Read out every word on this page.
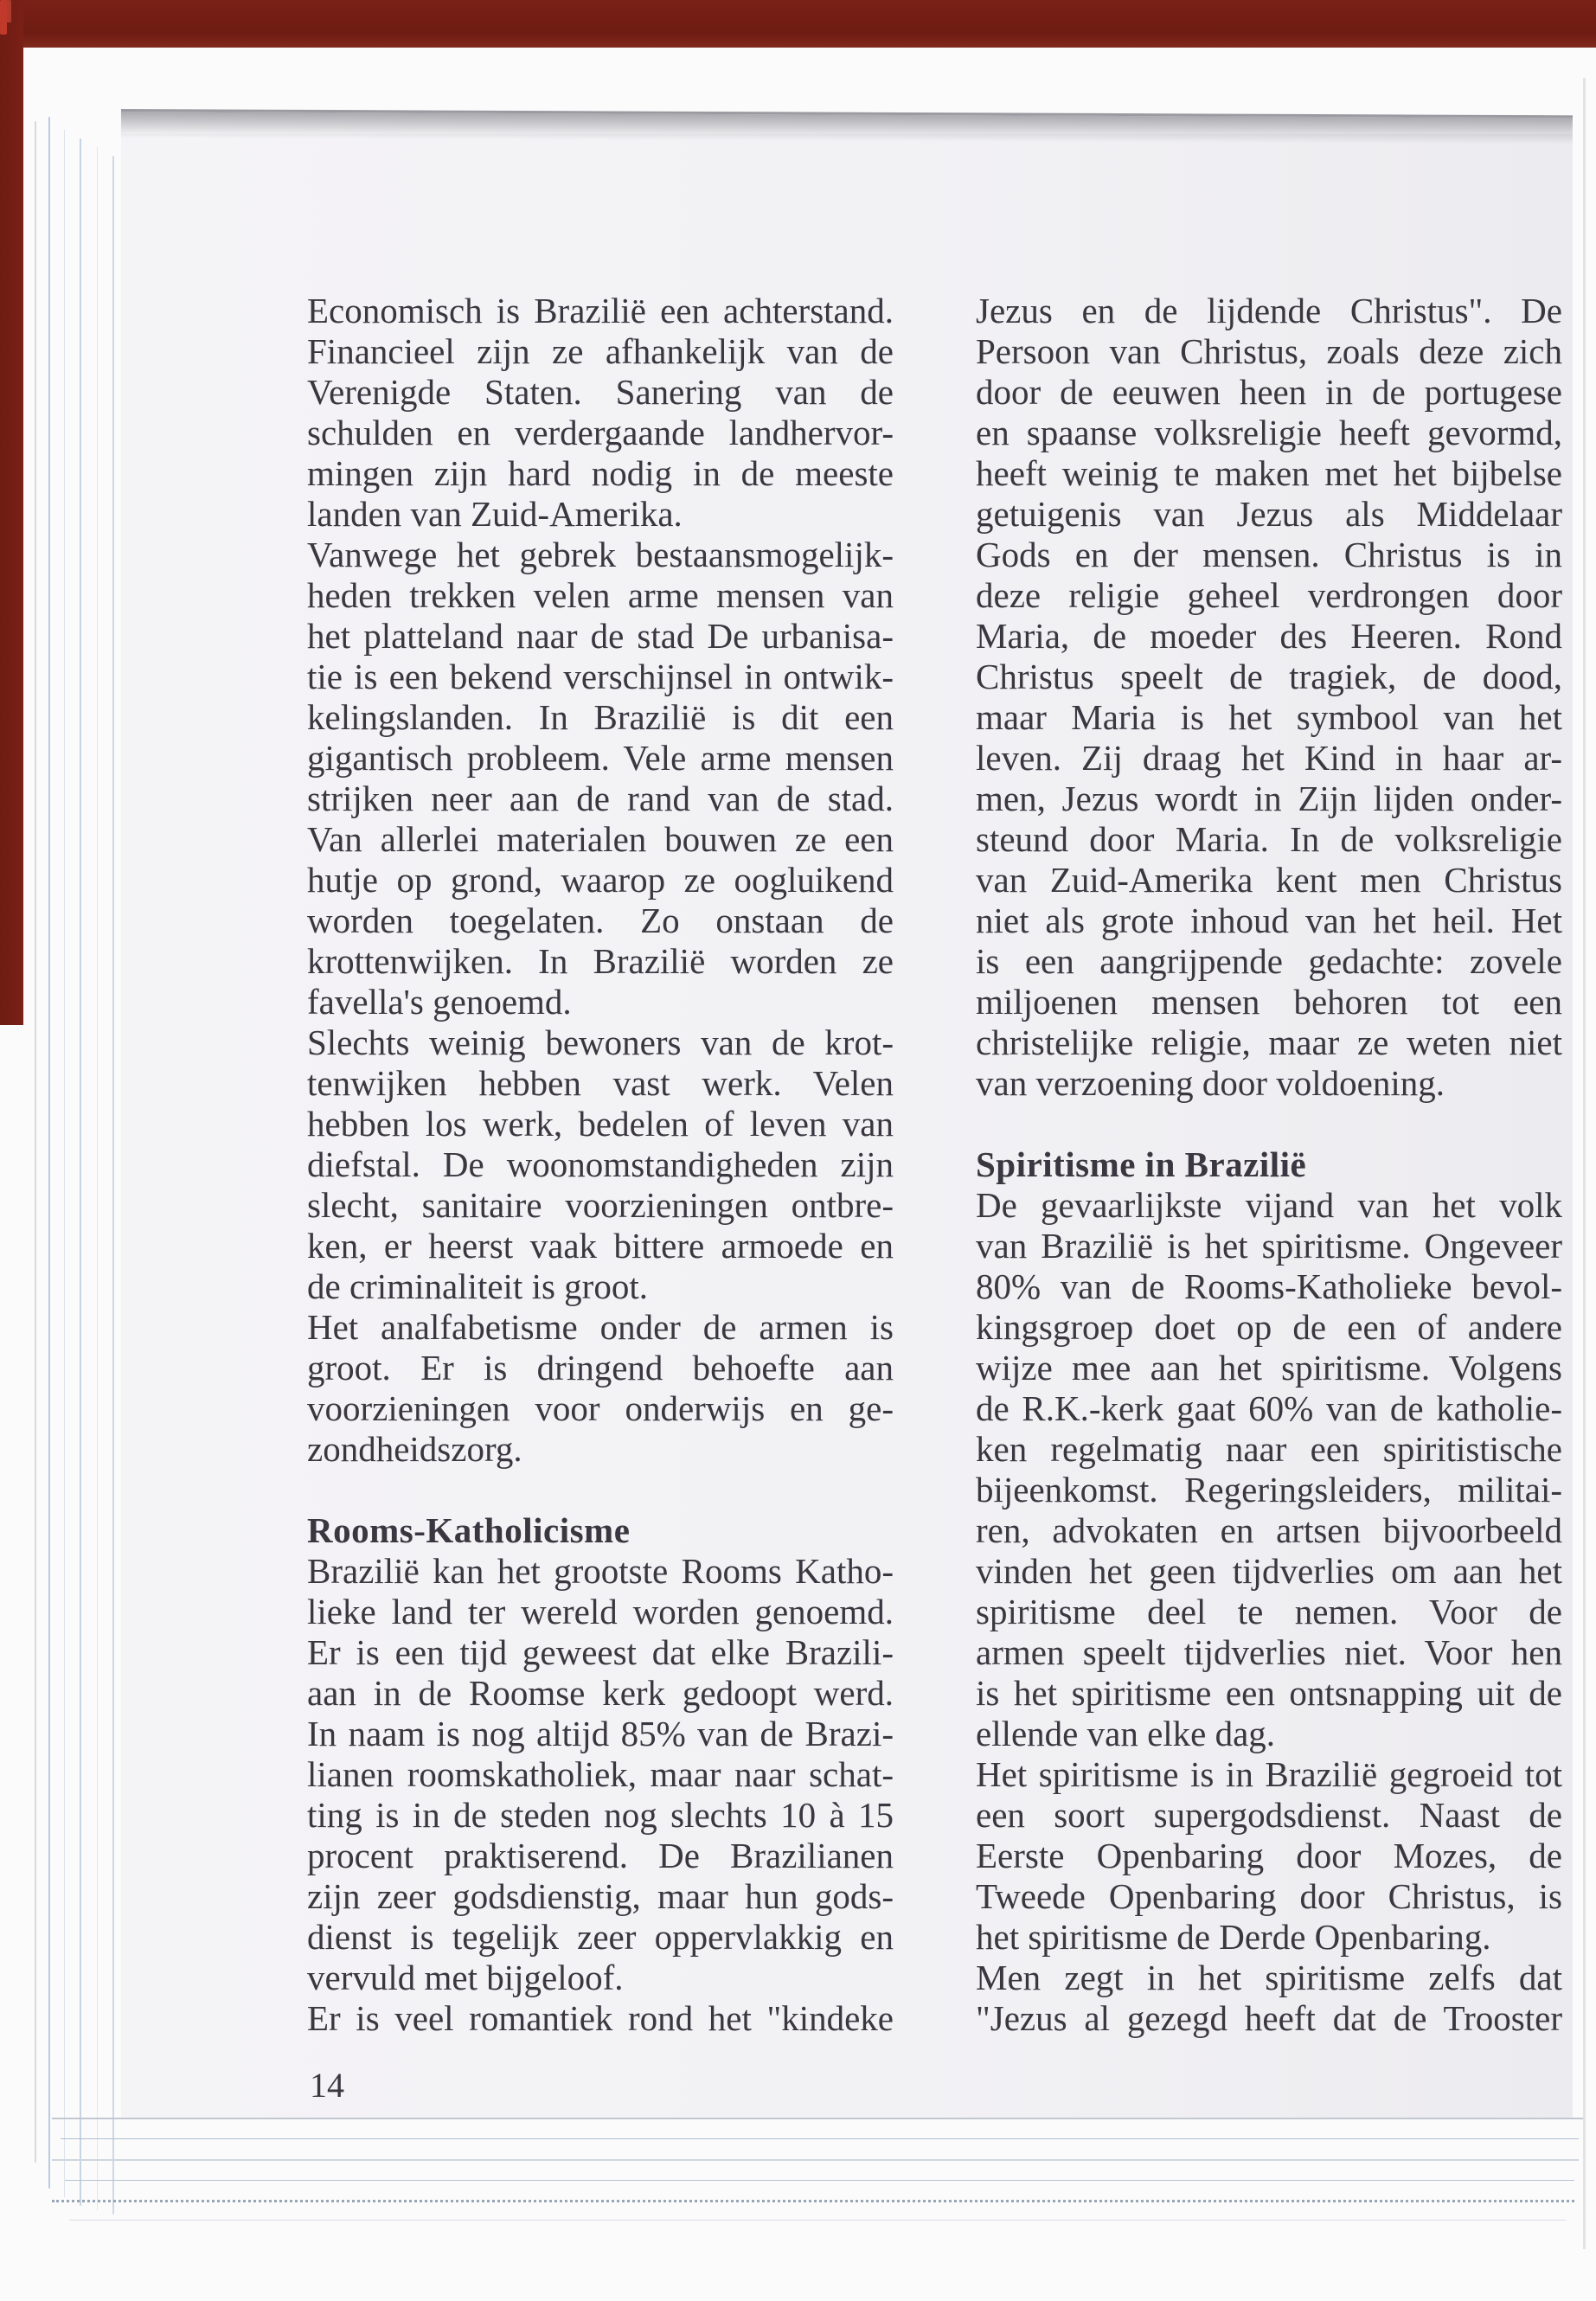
Economisch is Brazilië een achterstand.
Financieel zijn ze afhankelijk van de
Verenigde Staten. Sanering van de
schulden en verdergaande landhervor-
mingen zijn hard nodig in de meeste
landen van Zuid-Amerika.
Vanwege het gebrek bestaansmogelijk-
heden trekken velen arme mensen van
het platteland naar de stad De urbanisa-
tie is een bekend verschijnsel in ontwik-
kelingslanden. In Brazilië is dit een
gigantisch probleem. Vele arme mensen
strijken neer aan de rand van de stad.
Van allerlei materialen bouwen ze een
hutje op grond, waarop ze oogluikend
worden toegelaten. Zo onstaan de
krottenwijken. In Brazilië worden ze
favella's genoemd.
Slechts weinig bewoners van de krot-
tenwijken hebben vast werk. Velen
hebben los werk, bedelen of leven van
diefstal. De woonomstandigheden zijn
slecht, sanitaire voorzieningen ontbre-
ken, er heerst vaak bittere armoede en
de criminaliteit is groot.
Het analfabetisme onder de armen is
groot. Er is dringend behoefte aan
voorzieningen voor onderwijs en ge-
zondheidszorg.

Rooms-Katholicisme
Brazilië kan het grootste Rooms Katho-
lieke land ter wereld worden genoemd.
Er is een tijd geweest dat elke Brazili-
aan in de Roomse kerk gedoopt werd.
In naam is nog altijd 85% van de Brazi-
lianen roomskatholiek, maar naar schat-
ting is in de steden nog slechts 10 à 15
procent praktiserend. De Brazilianen
zijn zeer godsdienstig, maar hun gods-
dienst is tegelijk zeer oppervlakkig en
vervuld met bijgeloof.
Er is veel romantiek rond het "kindeke
Jezus en de lijdende Christus". De
Persoon van Christus, zoals deze zich
door de eeuwen heen in de portugese
en spaanse volksreligie heeft gevormd,
heeft weinig te maken met het bijbelse
getuigenis van Jezus als Middelaar
Gods en der mensen. Christus is in
deze religie geheel verdrongen door
Maria, de moeder des Heeren. Rond
Christus speelt de tragiek, de dood,
maar Maria is het symbool van het
leven. Zij draag het Kind in haar ar-
men, Jezus wordt in Zijn lijden onder-
steund door Maria. In de volksreligie
van Zuid-Amerika kent men Christus
niet als grote inhoud van het heil. Het
is een aangrijpende gedachte: zovele
miljoenen mensen behoren tot een
christelijke religie, maar ze weten niet
van verzoening door voldoening.

Spiritisme in Brazilië
De gevaarlijkste vijand van het volk
van Brazilië is het spiritisme. Ongeveer
80% van de Rooms-Katholieke bevol-
kingsgroep doet op de een of andere
wijze mee aan het spiritisme. Volgens
de R.K.-kerk gaat 60% van de katholie-
ken regelmatig naar een spiritistische
bijeenkomst. Regeringsleiders, militai-
ren, advokaten en artsen bijvoorbeeld
vinden het geen tijdverlies om aan het
spiritisme deel te nemen. Voor de
armen speelt tijdverlies niet. Voor hen
is het spiritisme een ontsnapping uit de
ellende van elke dag.
Het spiritisme is in Brazilië gegroeid tot
een soort supergodsdienst. Naast de
Eerste Openbaring door Mozes, de
Tweede Openbaring door Christus, is
het spiritisme de Derde Openbaring.
Men zegt in het spiritisme zelfs dat
"Jezus al gezegd heeft dat de Trooster
14
